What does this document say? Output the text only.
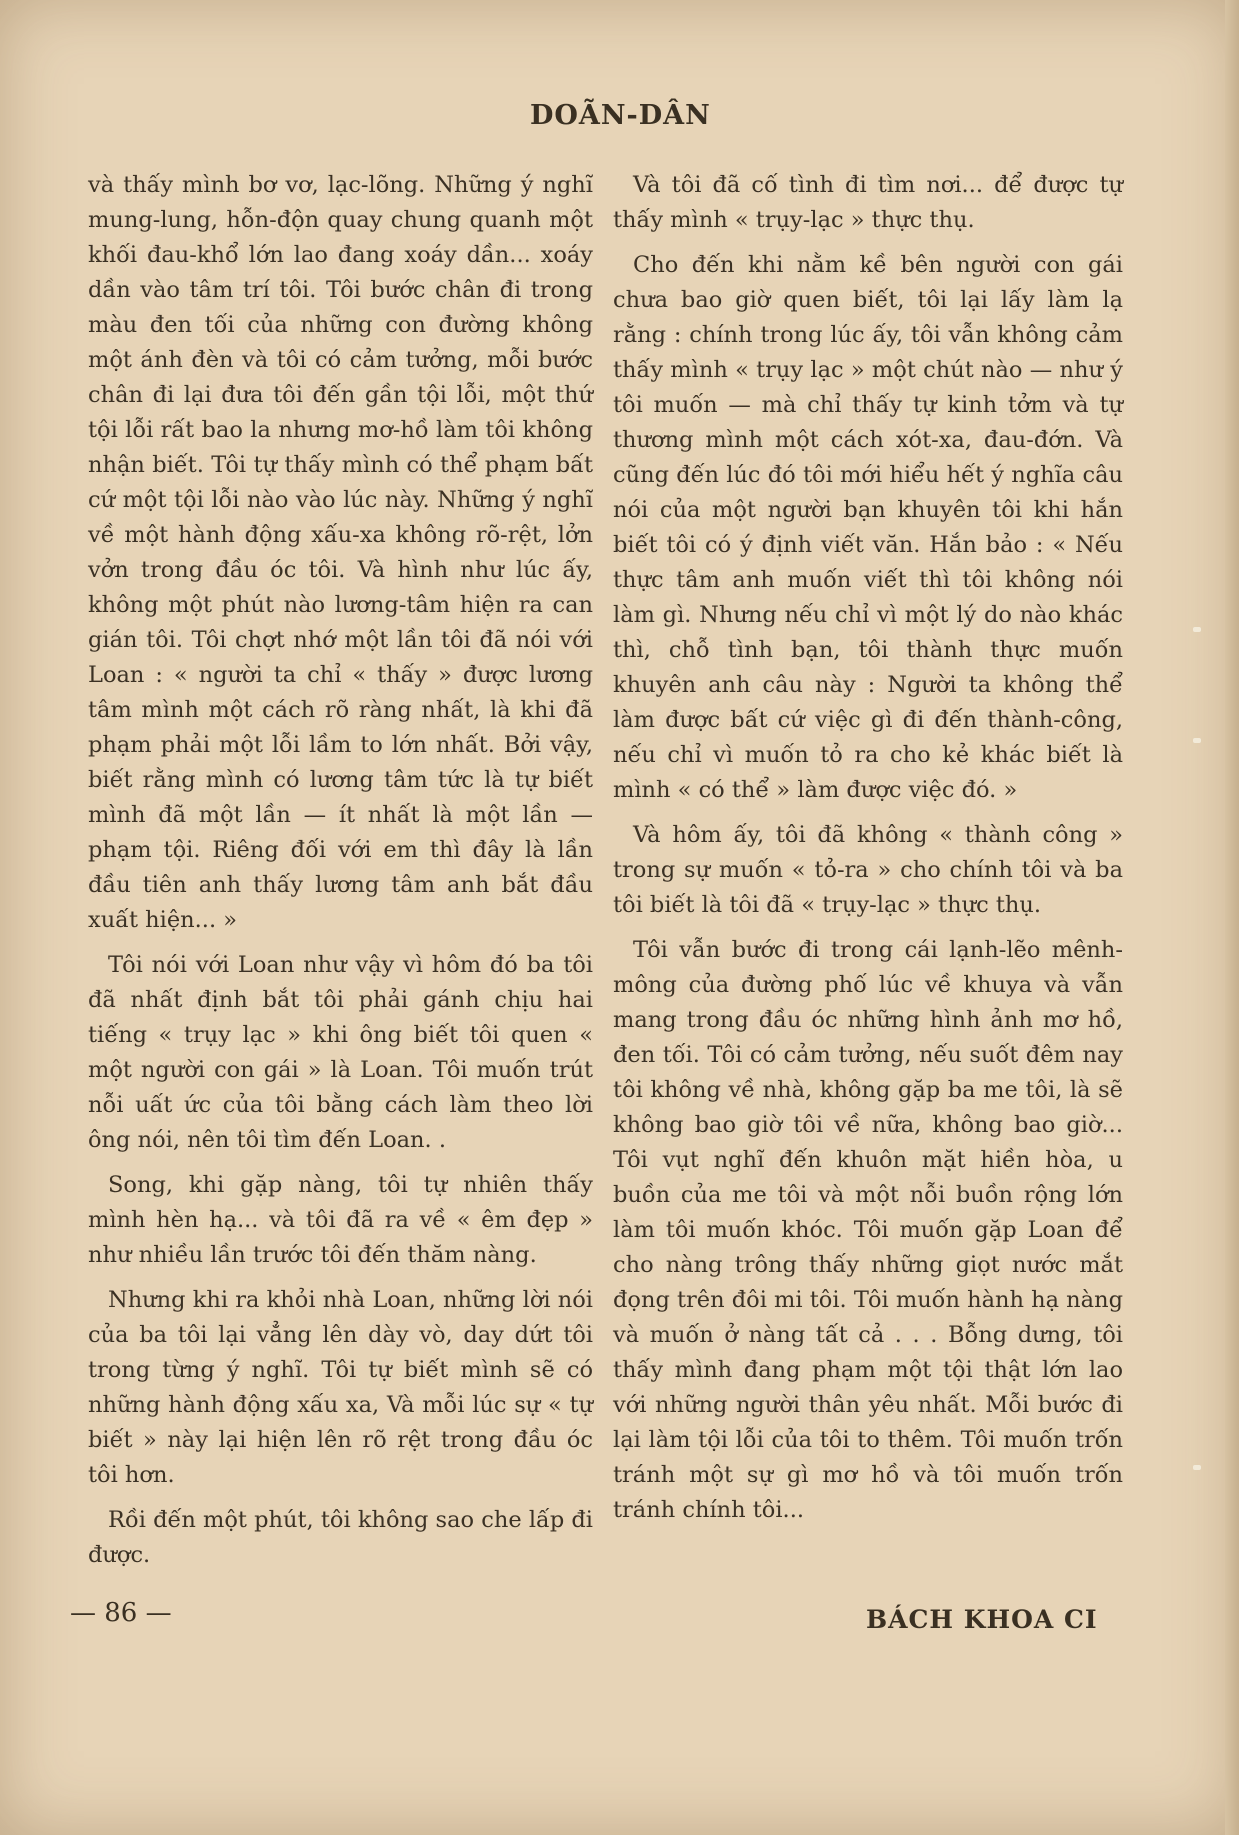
DOÃN-DÂN

và thấy mình bơ vơ, lạc-lõng. Những ý nghĩ mung-lung, hỗn-độn quay chung quanh một khối đau-khổ lớn lao đang xoáy dần... xoáy dần vào tâm trí tôi. Tôi bước chân đi trong màu đen tối của những con đường không một ánh đèn và tôi có cảm tưởng, mỗi bước chân đi lại đưa tôi đến gần tội lỗi, một thứ tội lỗi rất bao la nhưng mơ-hồ làm tôi không nhận biết. Tôi tự thấy mình có thể phạm bất cứ một tội lỗi nào vào lúc này. Những ý nghĩ về một hành động xấu-xa không rõ-rệt, lởn vởn trong đầu óc tôi. Và hình như lúc ấy, không một phút nào lương-tâm hiện ra can gián tôi. Tôi chợt nhớ một lần tôi đã nói với Loan : « người ta chỉ « thấy » được lương tâm mình một cách rõ ràng nhất, là khi đã phạm phải một lỗi lầm to lớn nhất. Bởi vậy, biết rằng mình có lương tâm tức là tự biết mình đã một lần — ít nhất là một lần — phạm tội. Riêng đối với em thì đây là lần đầu tiên anh thấy lương tâm anh bắt đầu xuất hiện... »

Tôi nói với Loan như vậy vì hôm đó ba tôi đã nhất định bắt tôi phải gánh chịu hai tiếng « trụy lạc » khi ông biết tôi quen « một người con gái » là Loan. Tôi muốn trút nỗi uất ức của tôi bằng cách làm theo lời ông nói, nên tôi tìm đến Loan. .

Song, khi gặp nàng, tôi tự nhiên thấy mình hèn hạ... và tôi đã ra về « êm đẹp » như nhiều lần trước tôi đến thăm nàng.

Nhưng khi ra khỏi nhà Loan, những lời nói của ba tôi lại vẳng lên dày vò, day dứt tôi trong từng ý nghĩ. Tôi tự biết mình sẽ có những hành động xấu xa, Và mỗi lúc sự « tự biết » này lại hiện lên rõ rệt trong đầu óc tôi hơn.

Rồi đến một phút, tôi không sao che lấp đi được.

Và tôi đã cố tình đi tìm nơi... để được tự thấy mình « trụy-lạc » thực thụ.

Cho đến khi nằm kề bên người con gái chưa bao giờ quen biết, tôi lại lấy làm lạ rằng : chính trong lúc ấy, tôi vẫn không cảm thấy mình « trụy lạc » một chút nào — như ý tôi muốn — mà chỉ thấy tự kinh tởm và tự thương mình một cách xót-xa, đau-đớn. Và cũng đến lúc đó tôi mới hiểu hết ý nghĩa câu nói của một người bạn khuyên tôi khi hắn biết tôi có ý định viết văn. Hắn bảo : « Nếu thực tâm anh muốn viết thì tôi không nói làm gì. Nhưng nếu chỉ vì một lý do nào khác thì, chỗ tình bạn, tôi thành thực muốn khuyên anh câu này : Người ta không thể làm được bất cứ việc gì đi đến thành-công, nếu chỉ vì muốn tỏ ra cho kẻ khác biết là mình « có thể » làm được việc đó. »

Và hôm ấy, tôi đã không « thành công » trong sự muốn « tỏ-ra » cho chính tôi và ba tôi biết là tôi đã « trụy-lạc » thực thụ.

Tôi vẫn bước đi trong cái lạnh-lẽo mênh-mông của đường phố lúc về khuya và vẫn mang trong đầu óc những hình ảnh mơ hồ, đen tối. Tôi có cảm tưởng, nếu suốt đêm nay tôi không về nhà, không gặp ba me tôi, là sẽ không bao giờ tôi về nữa, không bao giờ... Tôi vụt nghĩ đến khuôn mặt hiền hòa, u buồn của me tôi và một nỗi buồn rộng lớn làm tôi muốn khóc. Tôi muốn gặp Loan để cho nàng trông thấy những giọt nước mắt đọng trên đôi mi tôi. Tôi muốn hành hạ nàng và muốn ở nàng tất cả . . . Bỗng dưng, tôi thấy mình đang phạm một tội thật lớn lao với những người thân yêu nhất. Mỗi bước đi lại làm tội lỗi của tôi to thêm. Tôi muốn trốn tránh một sự gì mơ hồ và tôi muốn trốn tránh chính tôi...

— 86 —	BÁCH KHOA CI
